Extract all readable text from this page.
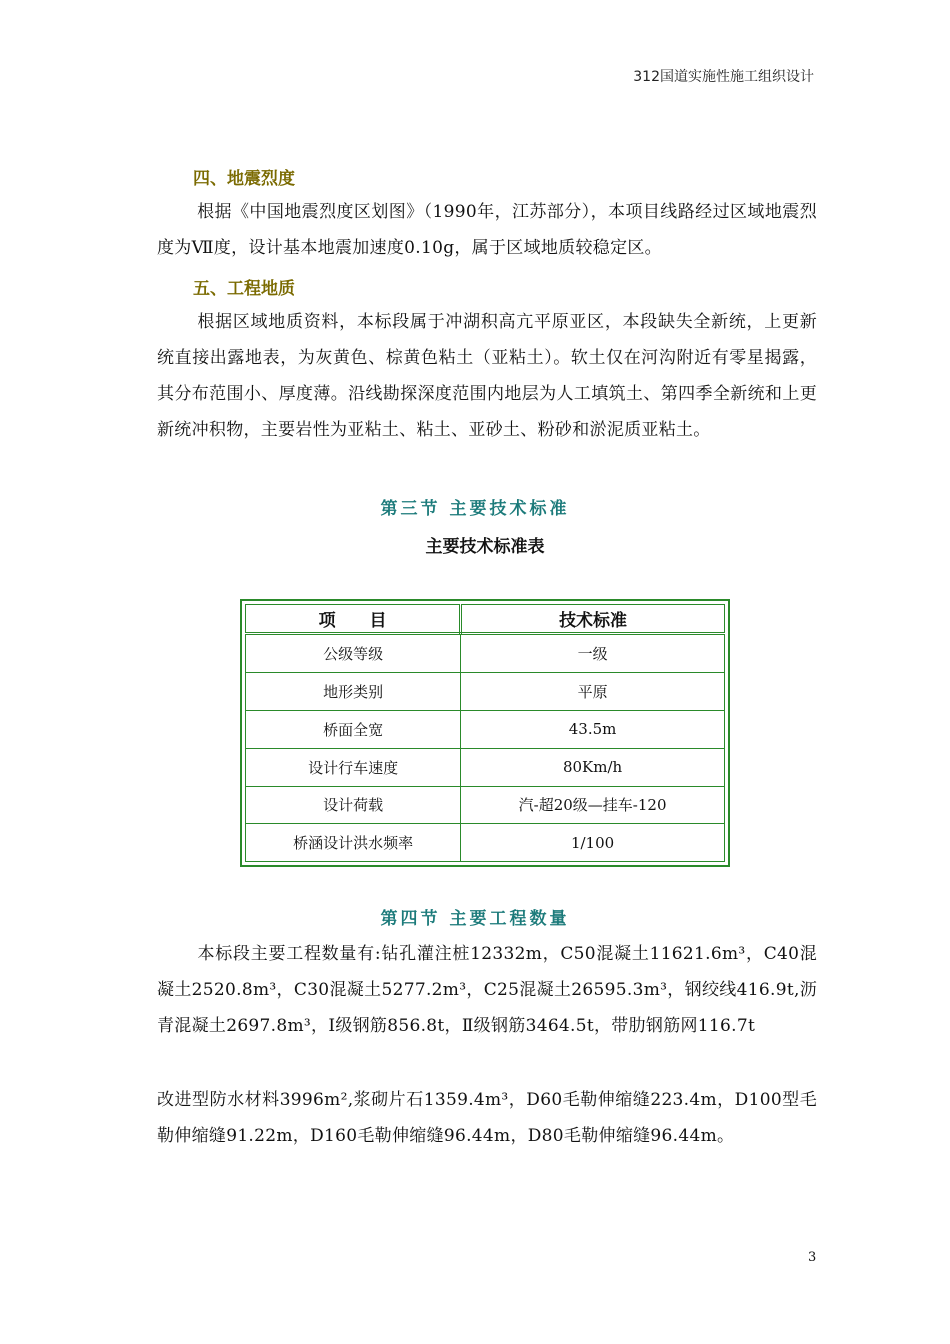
312国道实施性施工组织设计
四、地震烈度
根据《中国地震烈度区划图》（1990年，江苏部分），本项目线路经过区域地震烈度为Ⅶ度，设计基本地震加速度0.10g，属于区域地质较稳定区。
五、工程地质
根据区域地质资料，本标段属于冲湖积高亢平原亚区，本段缺失全新统，上更新统直接出露地表，为灰黄色、棕黄色粘土（亚粘土）。软土仅在河沟附近有零星揭露，其分布范围小、厚度薄。沿线勘探深度范围内地层为人工填筑土、第四季全新统和上更新统冲积物，主要岩性为亚粘土、粘土、亚砂土、粉砂和淤泥质亚粘土。
第三节 主要技术标准
主要技术标准表
项　　目	技术标准
公级等级	一级
地形类别	平原
桥面全宽	43.5m
设计行车速度	80Km/h
设计荷载	汽-超20级—挂车-120
桥涵设计洪水频率	1/100
第四节 主要工程数量
本标段主要工程数量有:钻孔灌注桩12332m，C50混凝土11621.6m³，C40混凝土2520.8m³，C30混凝土5277.2m³，C25混凝土26595.3m³，钢绞线416.9t,沥青混凝土2697.8m³，Ⅰ级钢筋856.8t，Ⅱ级钢筋3464.5t，带肋钢筋网116.7t
改进型防水材料3996m²,浆砌片石1359.4m³，D60毛勒伸缩缝223.4m，D100型毛勒伸缩缝91.22m，D160毛勒伸缩缝96.44m，D80毛勒伸缩缝96.44m。
3
